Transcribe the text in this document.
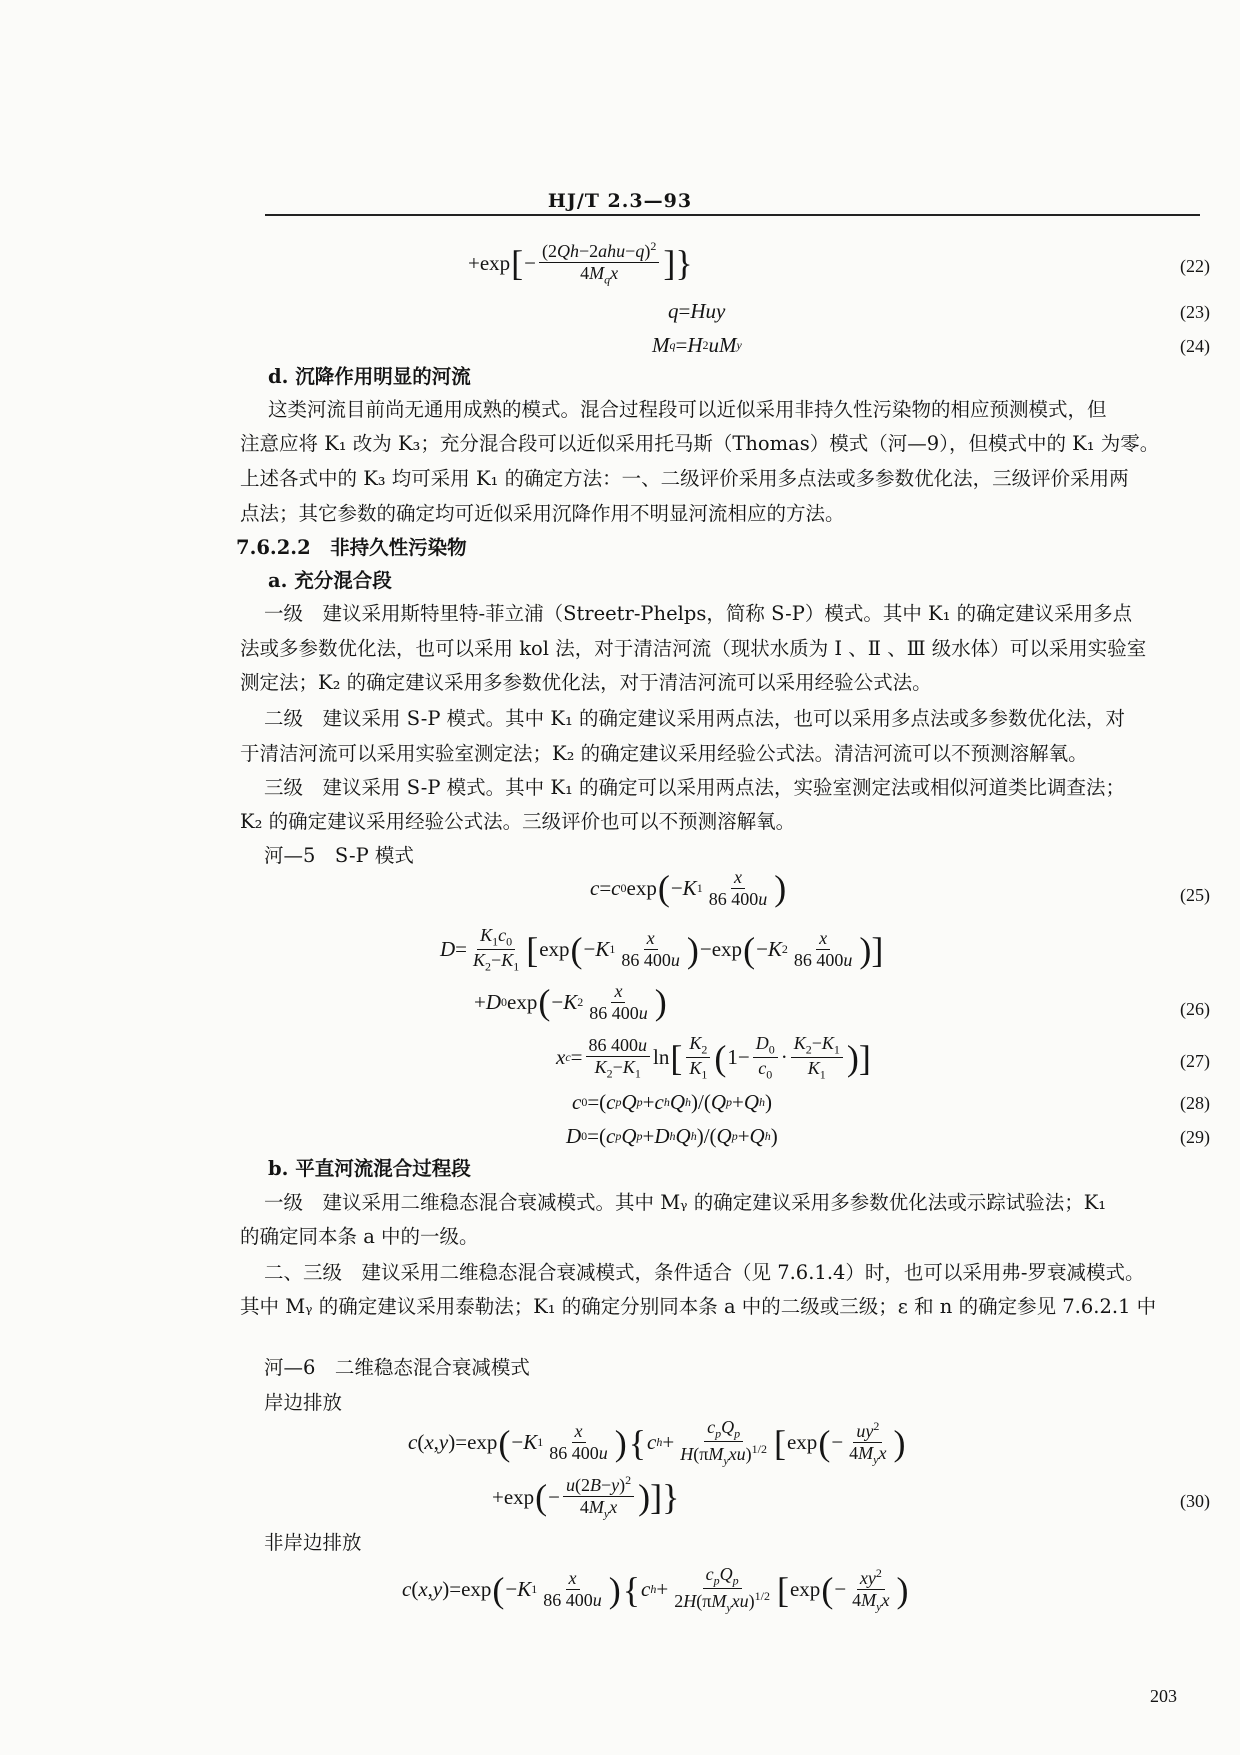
HJ/T 2.3—93
+exp [ − $\frac{(2Qh-2ahu-q)^2}{4M_qx}$ ]}	(22)
q = Huy	(23)
M q = H 2 uM y	(24)
d. 沉降作用明显的河流
这类河流目前尚无通用成熟的模式。混合过程段可以近似采用非持久性污染物的相应预测模式，但
注意应将 K₁ 改为 K₃；充分混合段可以近似采用托马斯（Thomas）模式（河—9），但模式中的 K₁ 为零。
上述各式中的 K₃ 均可采用 K₁ 的确定方法：一、二级评价采用多点法或多参数优化法，三级评价采用两
点法；其它参数的确定均可近似采用沉降作用不明显河流相应的方法。
7.6.2.2　非持久性污染物
a. 充分混合段
一级　建议采用斯特里特-菲立浦（Streetr-Phelps，简称 S-P）模式。其中 K₁ 的确定建议采用多点
法或多参数优化法，也可以采用 kol 法，对于清洁河流（现状水质为 Ⅰ 、Ⅱ 、Ⅲ 级水体）可以采用实验室
测定法；K₂ 的确定建议采用多参数优化法，对于清洁河流可以采用经验公式法。
二级　建议采用 S-P 模式。其中 K₁ 的确定建议采用两点法，也可以采用多点法或多参数优化法，对
于清洁河流可以采用实验室测定法；K₂ 的确定建议采用经验公式法。清洁河流可以不预测溶解氧。
三级　建议采用 S-P 模式。其中 K₁ 的确定可以采用两点法，实验室测定法或相似河道类比调查法；
K₂ 的确定建议采用经验公式法。三级评价也可以不预测溶解氧。
河—5　S-P 模式
c = c 0 exp ( − K $1 \frac{x}{86 400u}$ )	(25)
$D = \frac{K_1c_0}{K_2-K_1}$ [ exp ( − K $1 \frac{x}{86 400u}$ ) −exp ( − K $2 \frac{x}{86 400u}$ )]
+ D 0 exp ( − K $2 \frac{x}{86 400u}$ )	(26)
x $c = \frac{86 400u}{K_2-K_1}$ ln [ $\frac{K_2}{K_1}$ ( $1- \frac{D_0}{c_0} \cdot \frac{K_2-K_1}{K_1}$ )]	(27)
c 0 =( c p Q p + c h Q h )/( Q p + Q h )	(28)
D 0 =( c p Q p + D h Q h )/( Q p + Q h )	(29)
b. 平直河流混合过程段
一级　建议采用二维稳态混合衰减模式。其中 Mᵧ 的确定建议采用多参数优化法或示踪试验法；K₁
的确定同本条 a 中的一级。
二、三级　建议采用二维稳态混合衰减模式，条件适合（见 7.6.1.4）时，也可以采用弗-罗衰减模式。
其中 Mᵧ 的确定建议采用泰勒法；K₁ 的确定分别同本条 a 中的二级或三级；ε 和 n 的确定参见 7.6.2.1 中
河—6　二维稳态混合衰减模式
岸边排放
c ( x , y )=exp ( − K $1 \frac{x}{86 400u}$ ) { c $h + \frac{c_pQ_p}{H(\pi M_yxu)^{1/2}}$ [ exp ( − $\frac{uy^2}{4M_yx}$ )
+exp ( − $\frac{u(2B-y)^2}{4M_yx}$ )]}	(30)
非岸边排放
c ( x , y )=exp ( − K $1 \frac{x}{86 400u}$ ) { c $h + \frac{c_pQ_p}{2H(\pi M_yxu)^{1/2}}$ [ exp ( − $\frac{xy^2}{4M_yx}$ )
203
